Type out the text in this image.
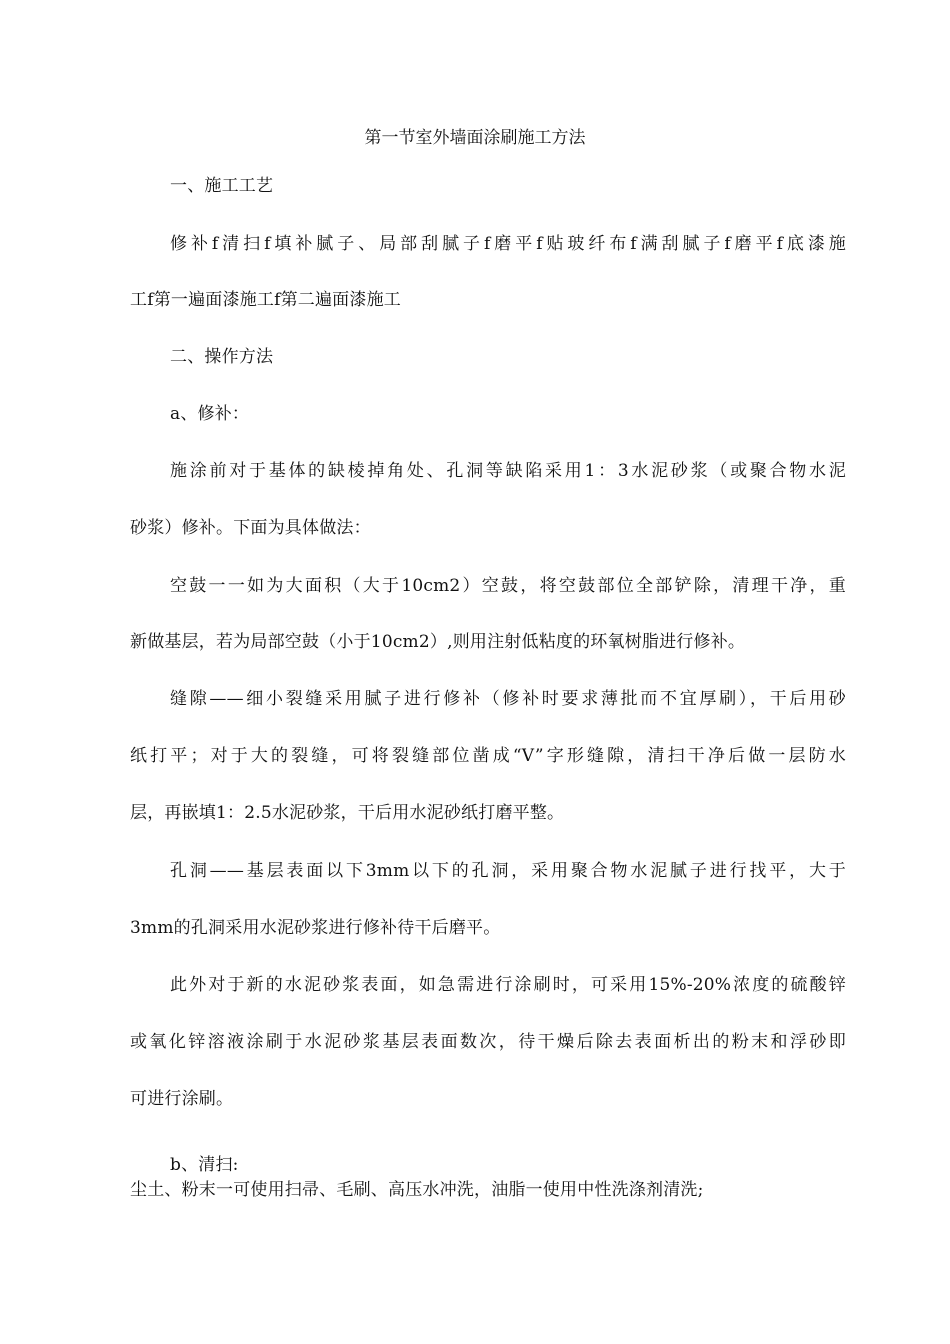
第一节室外墙面涂刷施工方法
一、施工工艺
修补f清扫f填补腻子、局部刮腻子f磨平f贴玻纤布f满刮腻子f磨平f底漆施
工f第一遍面漆施工f第二遍面漆施工
二、操作方法
a、修补：
施涂前对于基体的缺棱掉角处、孔洞等缺陷采用1：3水泥砂浆（或聚合物水泥
砂浆）修补。下面为具体做法：
空鼓一一如为大面积（大于10cm2）空鼓，将空鼓部位全部铲除，清理干净，重
新做基层，若为局部空鼓（小于10cm2）,则用注射低粘度的环氧树脂进行修补。
缝隙——细小裂缝采用腻子进行修补（修补时要求薄批而不宜厚刷），干后用砂
纸打平；对于大的裂缝，可将裂缝部位凿成“V”字形缝隙，清扫干净后做一层防水
层，再嵌填1：2.5水泥砂浆，干后用水泥砂纸打磨平整。
孔洞——基层表面以下3mm以下的孔洞，采用聚合物水泥腻子进行找平，大于
3mm的孔洞采用水泥砂浆进行修补待干后磨平。
此外对于新的水泥砂浆表面，如急需进行涂刷时，可采用15%-20%浓度的硫酸锌
或氧化锌溶液涂刷于水泥砂浆基层表面数次，待干燥后除去表面析出的粉末和浮砂即
可进行涂刷。
b、清扫:
尘土、粉末一可使用扫帚、毛刷、高压水冲洗，油脂一使用中性洗涤剂清洗;
